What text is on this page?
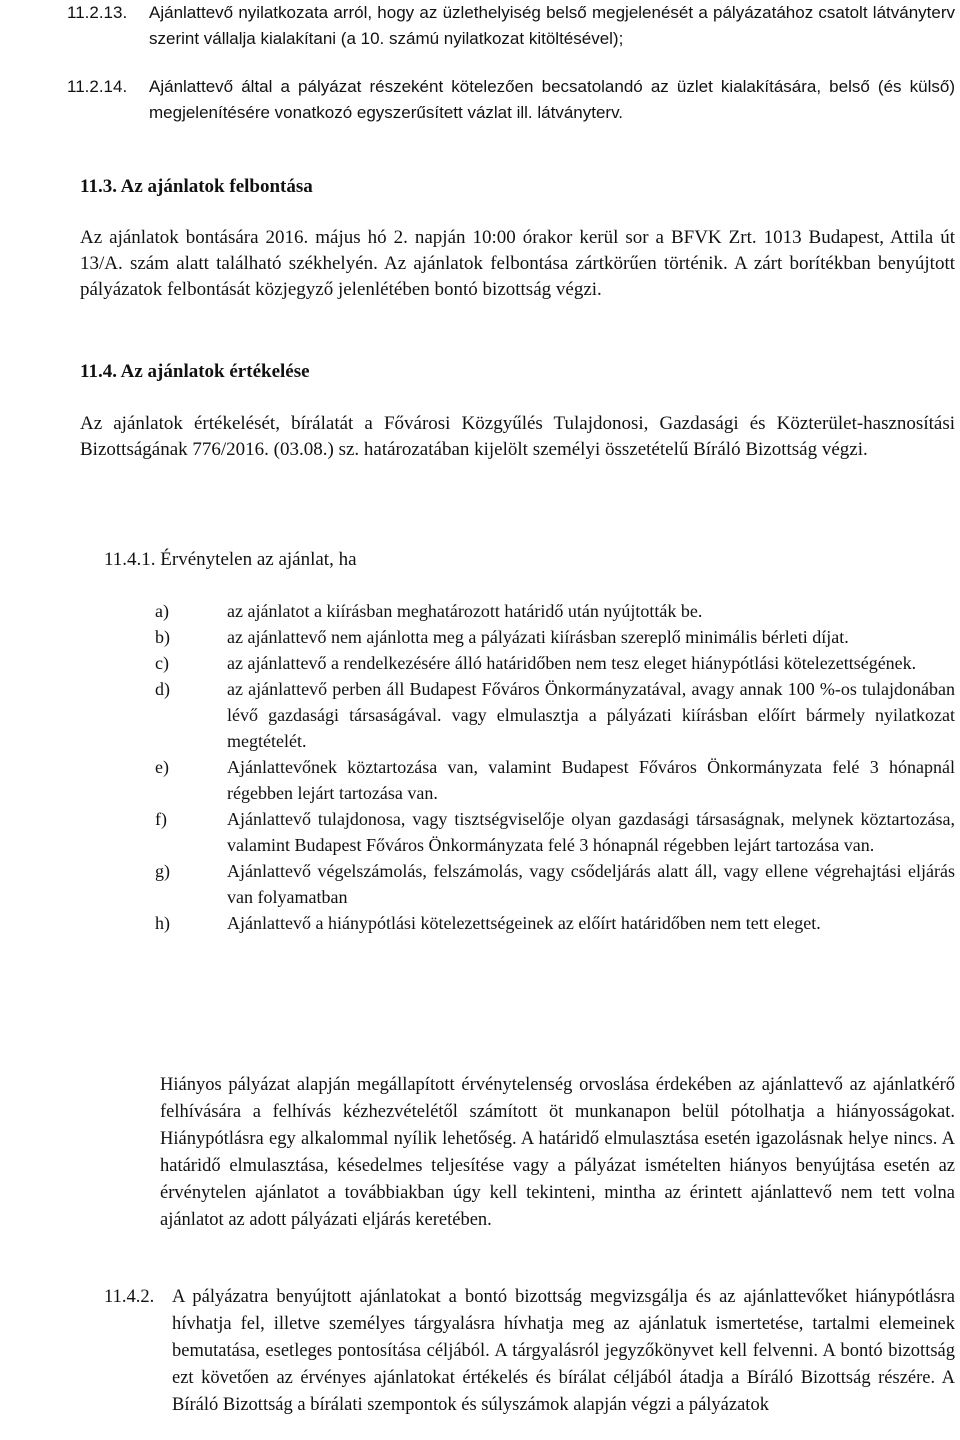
11.2.13. Ajánlattevő nyilatkozata arról, hogy az üzlethelyiség belső megjelenését a pályázatához csatolt látványterv szerint vállalja kialakítani (a 10. számú nyilatkozat kitöltésével);
11.2.14. Ajánlattevő által a pályázat részeként kötelezően becsatolandó az üzlet kialakítására, belső (és külső) megjelenítésére vonatkozó egyszerűsített vázlat ill. látványterv.
11.3. Az ajánlatok felbontása

Az ajánlatok bontására 2016. május hó 2. napján 10:00 órakor kerül sor a BFVK Zrt. 1013 Budapest, Attila út 13/A. szám alatt található székhelyén. Az ajánlatok felbontása zártkörűen történik. A zárt borítékban benyújtott pályázatok felbontását közjegyző jelenlétében bontó bizottság végzi.

11.4. Az ajánlatok értékelése

Az ajánlatok értékelését, bírálatát a Fővárosi Közgyűlés Tulajdonosi, Gazdasági és Közterület-hasznosítási Bizottságának 776/2016. (03.08.) sz. határozatában kijelölt személyi összetételű Bíráló Bizottság végzi.

11.4.1. Érvénytelen az ajánlat, ha
a)	az ajánlatot a kiírásban meghatározott határidő után nyújtották be.
b)	az ajánlattevő nem ajánlotta meg a pályázati kiírásban szereplő minimális bérleti díjat.
c)	az ajánlattevő a rendelkezésére álló határidőben nem tesz eleget hiánypótlási kötelezettségének.
d)	az ajánlattevő perben áll Budapest Főváros Önkormányzatával, avagy annak 100 %-os tulajdonában lévő gazdasági társaságával. vagy elmulasztja a pályázati kiírásban előírt bármely nyilatkozat megtételét.
e)	Ajánlattevőnek köztartozása van, valamint Budapest Főváros Önkormányzata felé 3 hónapnál régebben lejárt tartozása van.
f)	Ajánlattevő tulajdonosa, vagy tisztségviselője olyan gazdasági társaságnak, melynek köztartozása, valamint Budapest Főváros Önkormányzata felé 3 hónapnál régebben lejárt tartozása van.
g)	Ajánlattevő végelszámolás, felszámolás, vagy csődeljárás alatt áll, vagy ellene végrehajtási eljárás van folyamatban
h)	Ajánlattevő a hiánypótlási kötelezettségeinek az előírt határidőben nem tett eleget.

Hiányos pályázat alapján megállapított érvénytelenség orvoslása érdekében az ajánlattevő az ajánlatkérő felhívására a felhívás kézhezvételétől számított öt munkanapon belül pótolhatja a hiányosságokat. Hiánypótlásra egy alkalommal nyílik lehetőség. A határidő elmulasztása esetén igazolásnak helye nincs. A határidő elmulasztása, késedelmes teljesítése vagy a pályázat ismételten hiányos benyújtása esetén az érvénytelen ajánlatot a továbbiakban úgy kell tekinteni, mintha az érintett ajánlattevő nem tett volna ajánlatot az adott pályázati eljárás keretében.

11.4.2. A pályázatra benyújtott ajánlatokat a bontó bizottság megvizsgálja és az ajánlattevőket hiánypótlásra hívhatja fel, illetve személyes tárgyalásra hívhatja meg az ajánlatuk ismertetése, tartalmi elemeinek bemutatása, esetleges pontosítása céljából. A tárgyalásról jegyzőkönyvet kell felvenni. A bontó bizottság ezt követően az érvényes ajánlatokat értékelés és bírálat céljából átadja a Bíráló Bizottság részére. A Bíráló Bizottság a bírálati szempontok és súlyszámok alapján végzi a pályázatok
